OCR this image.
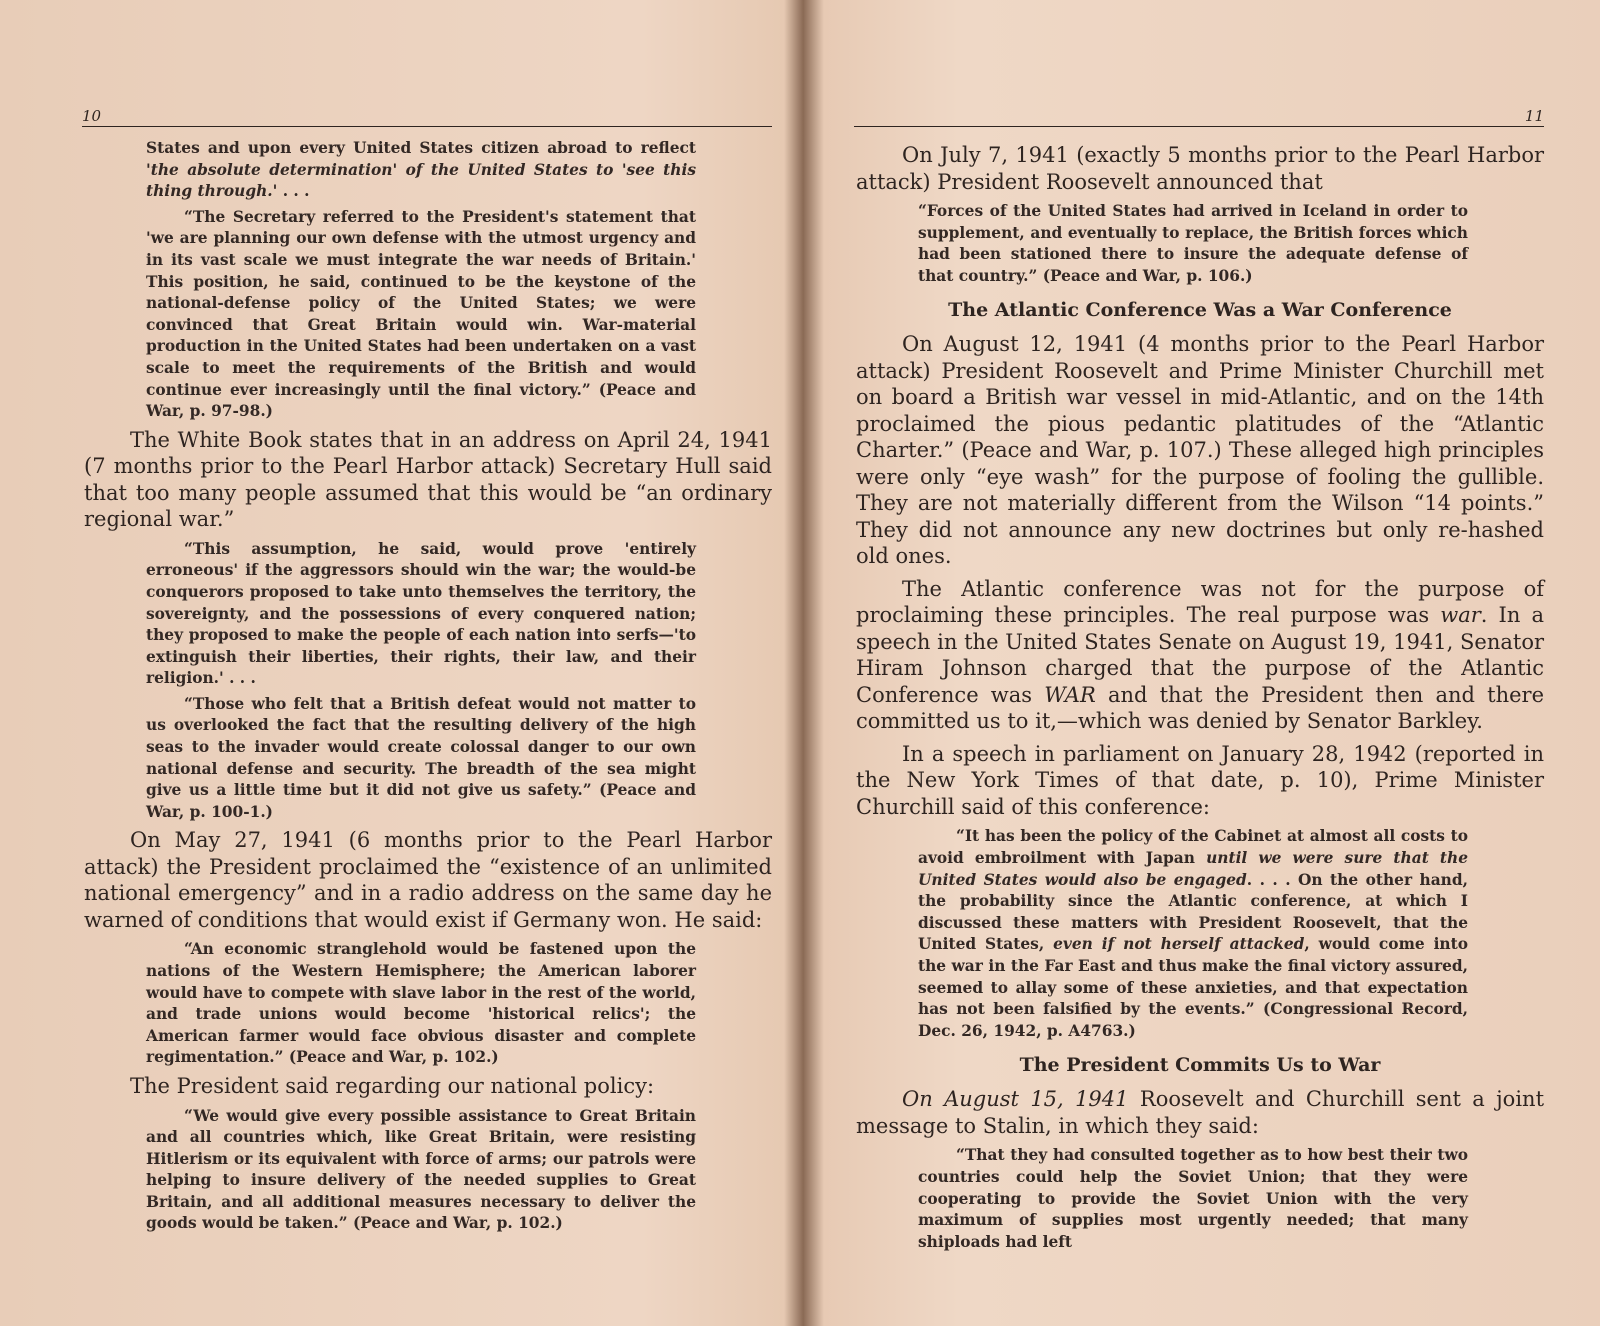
10

States and upon every United States citizen abroad to reflect 'the absolute determination' of the United States to 'see this thing through.' . . .

“The Secretary referred to the President's statement that 'we are planning our own defense with the utmost urgency and in its vast scale we must integrate the war needs of Britain.' This position, he said, continued to be the keystone of the national-defense policy of the United States; we were convinced that Great Britain would win. War-material production in the United States had been undertaken on a vast scale to meet the requirements of the British and would continue ever increasingly until the final victory.” (Peace and War, p. 97-98.)

The White Book states that in an address on April 24, 1941 (7 months prior to the Pearl Harbor attack) Secretary Hull said that too many people assumed that this would be “an ordinary regional war.”

“This assumption, he said, would prove 'entirely erroneous' if the aggressors should win the war; the would-be conquerors proposed to take unto themselves the territory, the sovereignty, and the possessions of every conquered nation; they proposed to make the people of each nation into serfs—'to extinguish their liberties, their rights, their law, and their religion.' . . .

“Those who felt that a British defeat would not matter to us overlooked the fact that the resulting delivery of the high seas to the invader would create colossal danger to our own national defense and security. The breadth of the sea might give us a little time but it did not give us safety.” (Peace and War, p. 100-1.)

On May 27, 1941 (6 months prior to the Pearl Harbor attack) the President proclaimed the “existence of an unlimited national emergency” and in a radio address on the same day he warned of conditions that would exist if Germany won. He said:

“An economic stranglehold would be fastened upon the nations of the Western Hemisphere; the American laborer would have to compete with slave labor in the rest of the world, and trade unions would become 'historical relics'; the American farmer would face obvious disaster and complete regimentation.” (Peace and War, p. 102.)

The President said regarding our national policy:

“We would give every possible assistance to Great Britain and all countries which, like Great Britain, were resisting Hitlerism or its equivalent with force of arms; our patrols were helping to insure delivery of the needed supplies to Great Britain, and all additional measures necessary to deliver the goods would be taken.” (Peace and War, p. 102.)

11

On July 7, 1941 (exactly 5 months prior to the Pearl Harbor attack) President Roosevelt announced that

“Forces of the United States had arrived in Iceland in order to supplement, and eventually to replace, the British forces which had been stationed there to insure the adequate defense of that country.” (Peace and War, p. 106.)

The Atlantic Conference Was a War Conference

On August 12, 1941 (4 months prior to the Pearl Harbor attack) President Roosevelt and Prime Minister Churchill met on board a British war vessel in mid-Atlantic, and on the 14th proclaimed the pious pedantic platitudes of the “Atlantic Charter.” (Peace and War, p. 107.) These alleged high principles were only “eye wash” for the purpose of fooling the gullible. They are not materially different from the Wilson “14 points.” They did not announce any new doctrines but only re-hashed old ones.

The Atlantic conference was not for the purpose of proclaiming these principles. The real purpose was war. In a speech in the United States Senate on August 19, 1941, Senator Hiram Johnson charged that the purpose of the Atlantic Conference was WAR and that the President then and there committed us to it,—which was denied by Senator Barkley.

In a speech in parliament on January 28, 1942 (reported in the New York Times of that date, p. 10), Prime Minister Churchill said of this conference:

“It has been the policy of the Cabinet at almost all costs to avoid embroilment with Japan until we were sure that the United States would also be engaged. . . . On the other hand, the probability since the Atlantic conference, at which I discussed these matters with President Roosevelt, that the United States, even if not herself attacked, would come into the war in the Far East and thus make the final victory assured, seemed to allay some of these anxieties, and that expectation has not been falsified by the events.” (Congressional Record, Dec. 26, 1942, p. A4763.)

The President Commits Us to War

On August 15, 1941 Roosevelt and Churchill sent a joint message to Stalin, in which they said:

“That they had consulted together as to how best their two countries could help the Soviet Union; that they were cooperating to provide the Soviet Union with the very maximum of supplies most urgently needed; that many shiploads had left
